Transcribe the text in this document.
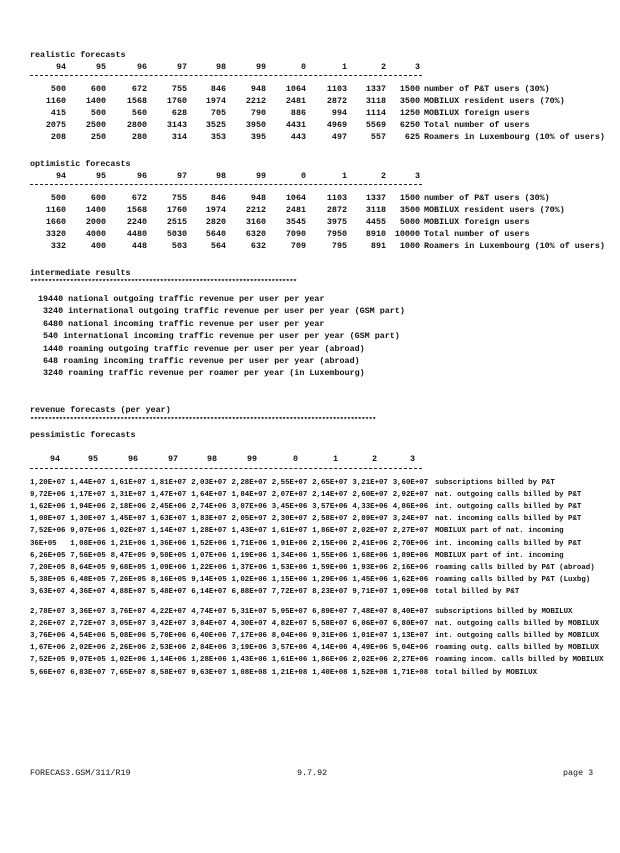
realistic forecasts
94	95	96	97	98	99	0	1	2	3
500	600	672	755	846	948	1064	1103	1337	1500 number of P&T users (30%)
1160	1400	1568	1760	1974	2212	2481	2872	3118	3500 MOBILUX resident users (70%)
415	500	560	628	705	790	886	994	1114	1250 MOBILUX foreign users
2075	2500	2800	3143	3525	3950	4431	4969	5569	6250 Total number of users
208	250	280	314	353	395	443	497	557	625 Roamers in Luxembourg (10% of users)
optimistic forecasts
94	95	96	97	98	99	0	1	2	3
500	600	672	755	846	948	1064	1103	1337	1500 number of P&T users (30%)
1160	1400	1568	1760	1974	2212	2481	2872	3118	3500 MOBILUX resident users (70%)
1660	2000	2240	2515	2820	3160	3545	3975	4455	5000 MOBILUX foreign users
3320	4000	4480	5030	5640	6320	7090	7950	8910	10000 Total number of users
332	400	448	503	564	632	709	795	891	1000 Roamers in Luxembourg (10% of users)
intermediate results
**************************************************************************
19440 national outgoing traffic revenue per user per year
3240 international outgoing traffic revenue per user per year (GSM part)
6480 national incoming traffic revenue per user per year
540 international incoming traffic revenue per user per year (GSM part)
1440 roaming outgoing traffic revenue per user per year (abroad)
648 roaming incoming traffic revenue per user per year (abroad)
3240 roaming traffic revenue per roamer per year (in Luxembourg)
revenue forecasts (per year)
************************************************************************************************
pessimistic forecasts
94	95	96	97	98	99	0	1	2	3
1,20E+07 1,44E+07 1,61E+07 1,81E+07 2,03E+07 2,28E+07 2,55E+07 2,65E+07 3,21E+07 3,60E+07 subscriptions billed by P&T
9,72E+06 1,17E+07 1,31E+07 1,47E+07 1,64E+07 1,84E+07 2,07E+07 2,14E+07 2,60E+07 2,92E+07 nat. outgoing calls billed by P&T
1,62E+06 1,94E+06 2,18E+06 2,45E+06 2,74E+06 3,07E+06 3,45E+06 3,57E+06 4,33E+06 4,86E+06 int. outgoing calls billed by P&T
1,08E+07 1,30E+07 1,45E+07 1,63E+07 1,83E+07 2,05E+07 2,30E+07 2,58E+07 2,89E+07 3,24E+07 nat. incoming calls billed by P&T
7,52E+06 9,07E+06 1,02E+07 1,14E+07 1,28E+07 1,43E+07 1,61E+07 1,86E+07 2,02E+07 2,27E+07 MOBILUX part of nat. incoming
36E+05	1,08E+06 1,21E+06 1,36E+06 1,52E+06 1,71E+06 1,91E+06 2,15E+06 2,41E+06 2,70E+06 int. incoming calls billed by P&T
6,26E+05 7,56E+05 8,47E+05 9,50E+05 1,07E+06 1,19E+06 1,34E+06 1,55E+06 1,68E+06 1,89E+06 MOBILUX part of int. incoming
7,20E+05 8,64E+05 9,68E+05 1,09E+06 1,22E+06 1,37E+06 1,53E+06 1,59E+06 1,93E+06 2,16E+06 roaming calls billed by P&T (abroad)
5,38E+05 6,48E+05 7,26E+05 8,16E+05 9,14E+05 1,02E+06 1,15E+06 1,29E+06 1,45E+06 1,62E+06 roaming calls billed by P&T (Luxbg)
3,63E+07 4,36E+07 4,88E+07 5,48E+07 6,14E+07 6,88E+07 7,72E+07 8,23E+07 9,71E+07 1,09E+08 total billed by P&T
2,78E+07 3,36E+07 3,76E+07 4,22E+07 4,74E+07 5,31E+07 5,95E+07 6,89E+07 7,48E+07 8,40E+07 subscriptions billed by MOBILUX
2,26E+07 2,72E+07 3,05E+07 3,42E+07 3,84E+07 4,30E+07 4,82E+07 5,58E+07 6,06E+07 6,80E+07 nat. outgoing calls billed by MOBILUX
3,76E+06 4,54E+06 5,08E+06 5,70E+06 6,40E+06 7,17E+06 8,04E+06 9,31E+06 1,01E+07 1,13E+07 int. outgoing calls billed by MOBILUX
1,67E+06 2,02E+06 2,26E+06 2,53E+06 2,84E+06 3,19E+06 3,57E+06 4,14E+06 4,49E+06 5,04E+06 roaming outg. calls billed by MOBILUX
7,52E+05 9,07E+05 1,02E+06 1,14E+06 1,28E+06 1,43E+06 1,61E+06 1,86E+06 2,02E+06 2,27E+06 roaming incom. calls billed by MOBILUX
5,66E+07 6,83E+07 7,65E+07 8,58E+07 9,63E+07 1,08E+08 1,21E+08 1,40E+08 1,52E+08 1,71E+08 total billed by MOBILUX
FORECAS3.GSM/311/R19	9.7.92	page 3
